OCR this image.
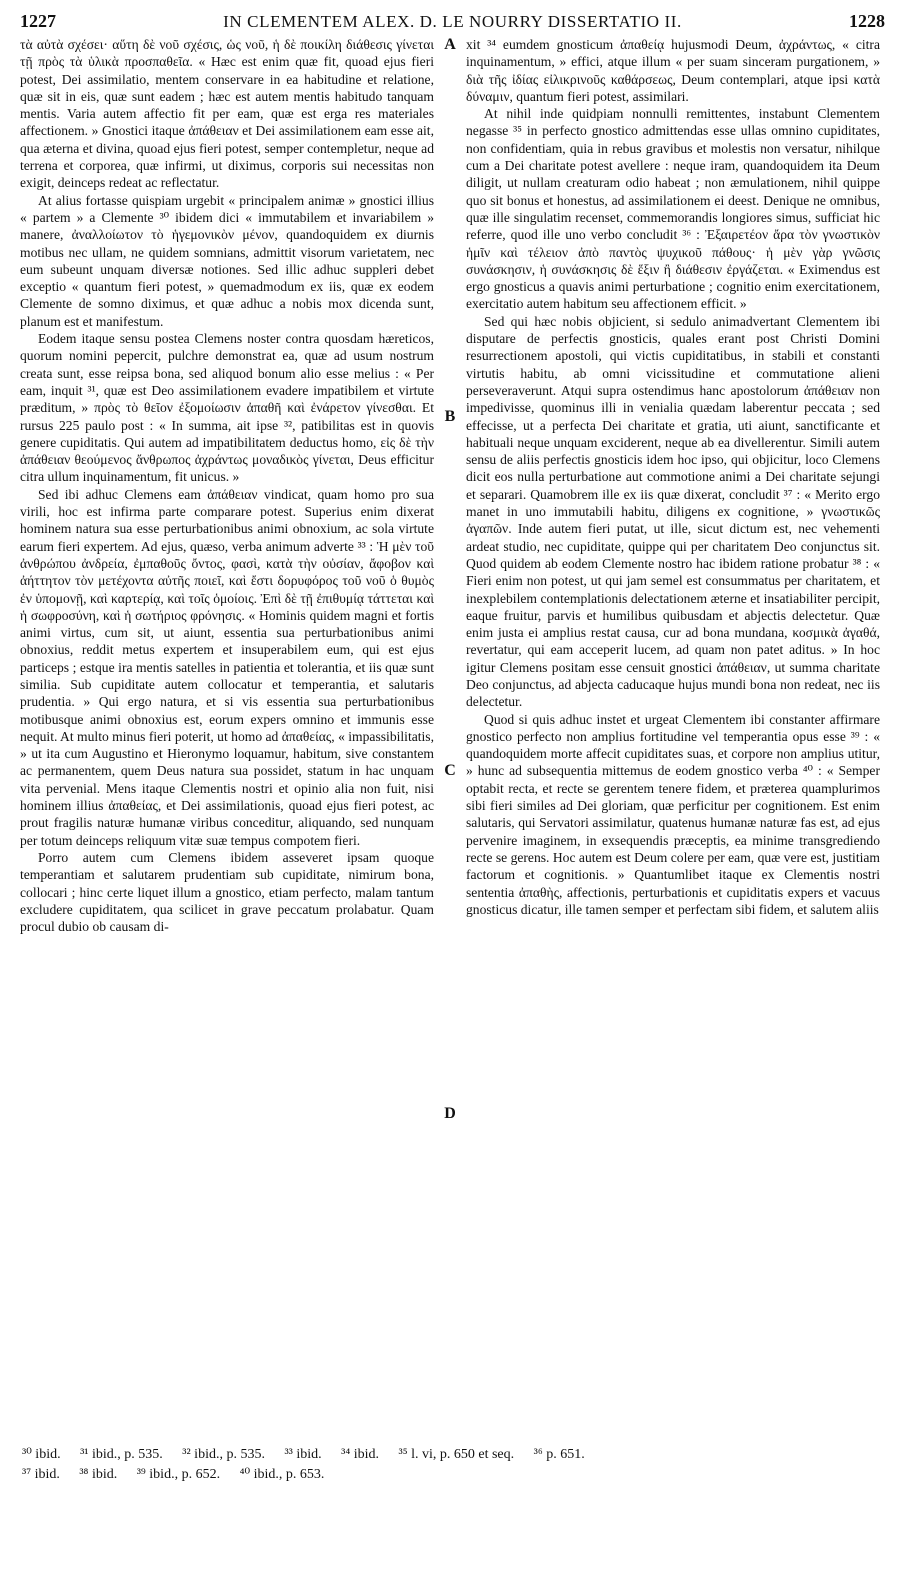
1227	IN CLEMENTEM ALEX. D. LE NOURRY DISSERTATIO II.	1228

τὰ αὐτὰ σχέσει· αὕτη δὲ νοῦ σχέσις, ὡς νοῦ, ἡ δὲ ποικίλη διάθεσις γίνεται τῇ πρὸς τὰ ὑλικὰ προσπαθεῖα. « Hæc est enim quæ fit, quoad ejus fieri potest, Dei assimilatio, mentem conservare in ea habitudine et relatione, quæ sit in eis, quæ sunt eadem ; hæc est autem mentis habitudo tanquam mentis. Varia autem affectio fit per eam, quæ est erga res materiales affectionem. » Gnostici itaque ἀπάθειαν et Dei assimilationem eam esse ait, qua æterna et divina, quoad ejus fieri potest, semper contempletur, neque ad terrena et corporea, quæ infirmi, ut diximus, corporis sui necessitas non exigit, deinceps redeat ac reflectatur.

At alius fortasse quispiam urgebit « principalem animæ » gnostici illius « partem » a Clemente ³⁰ ibidem dici « immutabilem et invariabilem » manere, ἀναλλοίωτον τὸ ἡγεμονικὸν μένον, quandoquidem ex diurnis motibus nec ullam, ne quidem somnians, admittit visorum varietatem, nec eum subeunt unquam diversæ notiones. Sed illic adhuc suppleri debet exceptio « quantum fieri potest, » quemadmodum ex iis, quæ ex eodem Clemente de somno diximus, et quæ adhuc a nobis mox dicenda sunt, planum est et manifestum.

Eodem itaque sensu postea Clemens noster contra quosdam hæreticos, quorum nomini pepercit, pulchre demonstrat ea, quæ ad usum nostrum creata sunt, esse reipsa bona, sed aliquod bonum alio esse melius : « Per eam, inquit ³¹, quæ est Deo assimilationem evadere impatibilem et virtute præditum, » πρὸς τὸ θεῖον ἐξομοίωσιν ἀπαθῆ καὶ ἐνάρετον γίνεσθαι. Et rursus 225 paulo post : « In summa, ait ipse ³², patibilitas est in quovis genere cupiditatis. Qui autem ad impatibilitatem deductus homo, εἰς δὲ τὴν ἀπάθειαν θεούμενος ἄνθρωπος ἀχράντως μοναδικὸς γίνεται, Deus efficitur citra ullum inquinamentum, fit unicus. »

Sed ibi adhuc Clemens eam ἀπάθειαν vindicat, quam homo pro sua virili, hoc est infirma parte comparare potest. Superius enim dixerat hominem natura sua esse perturbationibus animi obnoxium, ac sola virtute earum fieri expertem. Ad ejus, quæso, verba animum adverte ³³ : Ἡ μὲν τοῦ ἀνθρώπου ἀνδρεία, ἐμπαθοῦς ὄντος, φασὶ, κατὰ τὴν οὐσίαν, ἄφοβον καὶ ἀήττητον τὸν μετέχοντα αὐτῆς ποιεῖ, καὶ ἔστι δορυφόρος τοῦ νοῦ ὁ θυμὸς ἐν ὑπομονῇ, καὶ καρτερίᾳ, καὶ τοῖς ὁμοίοις. Ἐπὶ δὲ τῇ ἐπιθυμίᾳ τάττεται καὶ ἡ σωφροσύνη, καὶ ἡ σωτήριος φρόνησις. « Hominis quidem magni et fortis animi virtus, cum sit, ut aiunt, essentia sua perturbationibus animi obnoxius, reddit metus expertem et insuperabilem eum, qui est ejus particeps ; estque ira mentis satelles in patientia et tolerantia, et iis quæ sunt similia. Sub cupiditate autem collocatur et temperantia, et salutaris prudentia. » Qui ergo natura, et si vis essentia sua perturbationibus motibusque animi obnoxius est, eorum expers omnino et immunis esse nequit. At multo minus fieri poterit, ut homo ad ἀπαθείας, « impassibilitatis, » ut ita cum Augustino et Hieronymo loquamur, habitum, sive constantem ac permanentem, quem Deus natura sua possidet, statum in hac unquam vita pervenial. Mens itaque Clementis nostri et opinio alia non fuit, nisi hominem illius ἀπαθείας, et Dei assimilationis, quoad ejus fieri potest, ac prout fragilis naturæ humanæ viribus conceditur, aliquando, sed nunquam per totum deinceps reliquum vitæ suæ tempus compotem fieri.

Porro autem cum Clemens ibidem asseveret ipsam quoque temperantiam et salutarem prudentiam sub cupiditate, nimirum bona, collocari ; hinc certe liquet illum a gnostico, etiam perfecto, malam tantum excludere cupiditatem, qua scilicet in grave peccatum prolabatur. Quam procul dubio ob causam di-

A
B
C
D

xit ³⁴ eumdem gnosticum ἀπαθείᾳ hujusmodi Deum, ἀχράντως, « citra inquinamentum, » effici, atque illum « per suam sinceram purgationem, » διὰ τῆς ἰδίας εἰλικρινοῦς καθάρσεως, Deum contemplari, atque ipsi κατὰ δύναμιν, quantum fieri potest, assimilari.

At nihil inde quidpiam nonnulli remittentes, instabunt Clementem negasse ³⁵ in perfecto gnostico admittendas esse ullas omnino cupiditates, non confidentiam, quia in rebus gravibus et molestis non versatur, nihilque cum a Dei charitate potest avellere : neque iram, quandoquidem ita Deum diligit, ut nullam creaturam odio habeat ; non æmulationem, nihil quippe quo sit bonus et honestus, ad assimilationem ei deest. Denique ne omnibus, quæ ille singulatim recenset, commemorandis longiores simus, sufficiat hic referre, quod ille uno verbo concludit ³⁶ : Ἐξαιρετέον ἄρα τὸν γνωστικὸν ἡμῖν καὶ τέλειον ἀπὸ παντὸς ψυχικοῦ πάθους· ἡ μὲν γὰρ γνῶσις συνάσκησιν, ἡ συνάσκησις δὲ ἕξιν ἢ διάθεσιν ἐργάζεται. « Eximendus est ergo gnosticus a quavis animi perturbatione ; cognitio enim exercitationem, exercitatio autem habitum seu affectionem efficit. »

Sed qui hæc nobis objicient, si sedulo animadvertant Clementem ibi disputare de perfectis gnosticis, quales erant post Christi Domini resurrectionem apostoli, qui victis cupiditatibus, in stabili et constanti virtutis habitu, ab omni vicissitudine et commutatione alieni perseveraverunt. Atqui supra ostendimus hanc apostolorum ἀπάθειαν non impedivisse, quominus illi in venialia quædam laberentur peccata ; sed effecisse, ut a perfecta Dei charitate et gratia, uti aiunt, sanctificante et habituali neque unquam exciderent, neque ab ea divellerentur. Simili autem sensu de aliis perfectis gnosticis idem hoc ipso, qui objicitur, loco Clemens dicit eos nulla perturbatione aut commotione animi a Dei charitate sejungi et separari. Quamobrem ille ex iis quæ dixerat, concludit ³⁷ : « Merito ergo manet in uno immutabili habitu, diligens ex cognitione, » γνωστικῶς ἀγαπῶν. Inde autem fieri putat, ut ille, sicut dictum est, nec vehementi ardeat studio, nec cupiditate, quippe qui per charitatem Deo conjunctus sit. Quod quidem ab eodem Clemente nostro hac ibidem ratione probatur ³⁸ : « Fieri enim non potest, ut qui jam semel est consummatus per charitatem, et inexplebilem contemplationis delectationem æterne et insatiabiliter percipit, eaque fruitur, parvis et humilibus quibusdam et abjectis delectetur. Quæ enim justa ei amplius restat causa, cur ad bona mundana, κοσμικὰ ἀγαθά, revertatur, qui eam acceperit lucem, ad quam non patet aditus. » In hoc igitur Clemens positam esse censuit gnostici ἀπάθειαν, ut summa charitate Deo conjunctus, ad abjecta caducaque hujus mundi bona non redeat, nec iis delectetur.

Quod si quis adhuc instet et urgeat Clementem ibi constanter affirmare gnostico perfecto non amplius fortitudine vel temperantia opus esse ³⁹ : « quandoquidem morte affecit cupiditates suas, et corpore non amplius utitur, » hunc ad subsequentia mittemus de eodem gnostico verba ⁴⁰ : « Semper optabit recta, et recte se gerentem tenere fidem, et præterea quamplurimos sibi fieri similes ad Dei gloriam, quæ perficitur per cognitionem. Est enim salutaris, qui Servatori assimilatur, quatenus humanæ naturæ fas est, ad ejus pervenire imaginem, in exsequendis præceptis, ea minime transgrediendo recte se gerens. Hoc autem est Deum colere per eam, quæ vere est, justitiam factorum et cognitionis. » Quantumlibet itaque ex Clementis nostri sententia ἀπαθὴς, affectionis, perturbationis et cupiditatis expers et vacuus gnosticus dicatur, ille tamen semper et perfectam sibi fidem, et salutem aliis

³⁰ ibid. ³¹ ibid., p. 535. ³² ibid., p. 535. ³³ ibid. ³⁴ ibid. ³⁵ l. vi, p. 650 et seq. ³⁶ p. 651.
³⁷ ibid. ³⁸ ibid. ³⁹ ibid., p. 652. ⁴⁰ ibid., p. 653.
